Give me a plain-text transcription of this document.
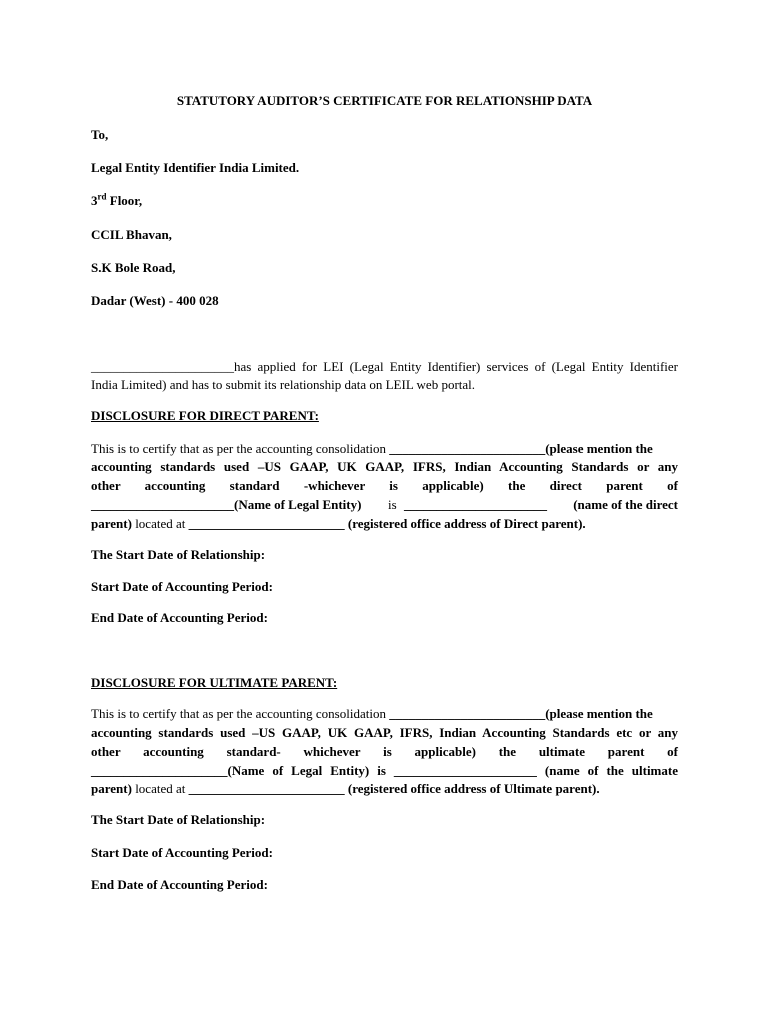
STATUTORY AUDITOR’S CERTIFICATE FOR RELATIONSHIP DATA
To,
Legal Entity Identifier India Limited.
3rd Floor,
CCIL Bhavan,
S.K Bole Road,
Dadar (West) - 400 028
______________________has applied for LEI (Legal Entity Identifier) services of (Legal Entity Identifier
India Limited) and has to submit its relationship data on LEIL web portal.
DISCLOSURE FOR DIRECT PARENT:
This is to certify that as per the accounting consolidation ________________________(please mention the
accounting standards used –US GAAP, UK GAAP, IFRS, Indian Accounting Standards or any
other accounting standard -whichever is applicable) the direct parent of
______________________(Name of Legal Entity) is ______________________ (name of the direct
parent) located at ________________________ (registered office address of Direct parent).
The Start Date of Relationship:
Start Date of Accounting Period:
End Date of Accounting Period:
DISCLOSURE FOR ULTIMATE PARENT:
This is to certify that as per the accounting consolidation ________________________(please mention the
accounting standards used –US GAAP, UK GAAP, IFRS, Indian Accounting Standards etc or any
other accounting standard- whichever is applicable) the ultimate parent of
_____________________(Name of Legal Entity) is ______________________ (name of the ultimate
parent) located at ________________________ (registered office address of Ultimate parent).
The Start Date of Relationship:
Start Date of Accounting Period:
End Date of Accounting Period:
